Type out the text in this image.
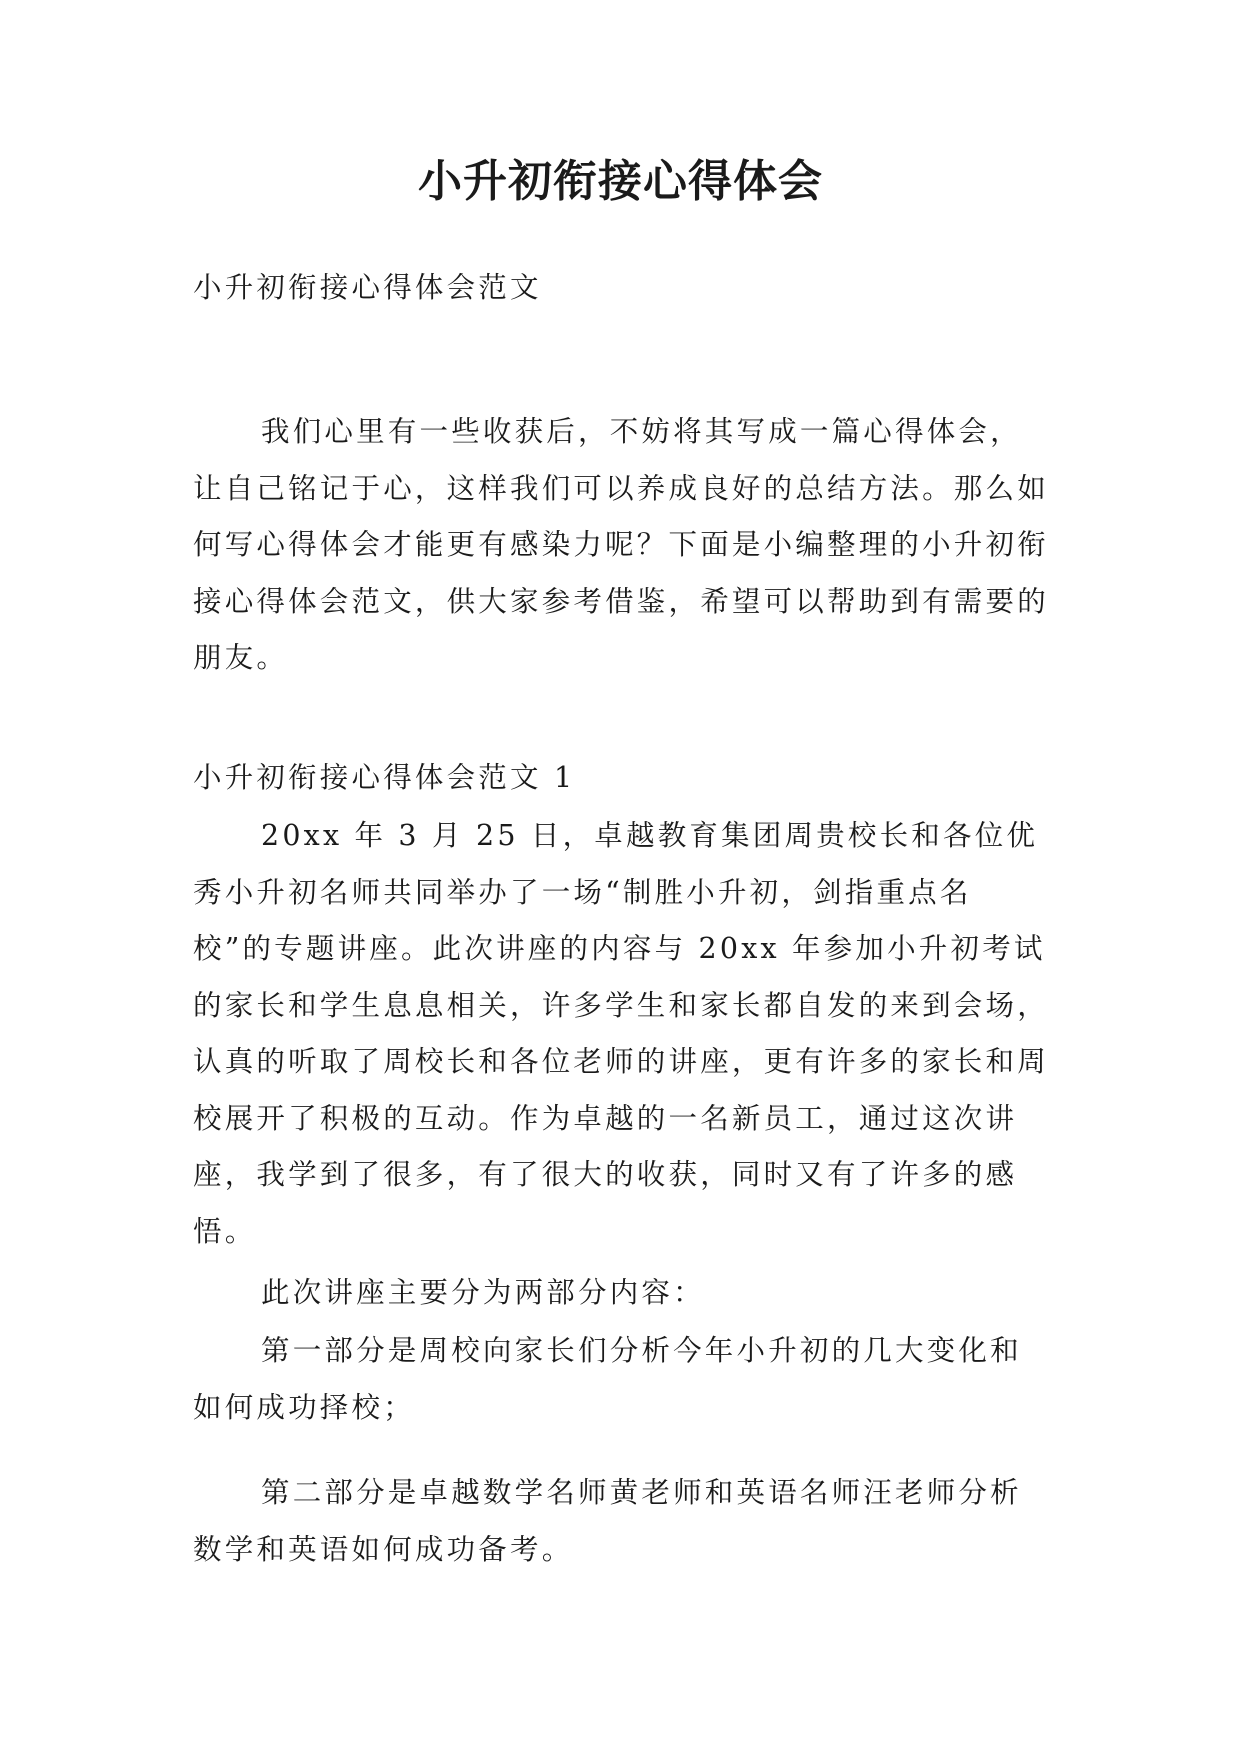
小升初衔接心得体会
小升初衔接心得体会范文
我们心里有一些收获后，不妨将其写成一篇心得体会，让自己铭记于心，这样我们可以养成良好的总结方法。那么如何写心得体会才能更有感染力呢？下面是小编整理的小升初衔接心得体会范文，供大家参考借鉴，希望可以帮助到有需要的朋友。
小升初衔接心得体会范文 1
20xx 年 3 月 25 日，卓越教育集团周贵校长和各位优秀小升初名师共同举办了一场“制胜小升初，剑指重点名校”的专题讲座。此次讲座的内容与 20xx 年参加小升初考试的家长和学生息息相关，许多学生和家长都自发的来到会场，认真的听取了周校长和各位老师的讲座，更有许多的家长和周校展开了积极的互动。作为卓越的一名新员工，通过这次讲座，我学到了很多，有了很大的收获，同时又有了许多的感悟。
此次讲座主要分为两部分内容：
第一部分是周校向家长们分析今年小升初的几大变化和如何成功择校；
第二部分是卓越数学名师黄老师和英语名师汪老师分析数学和英语如何成功备考。
